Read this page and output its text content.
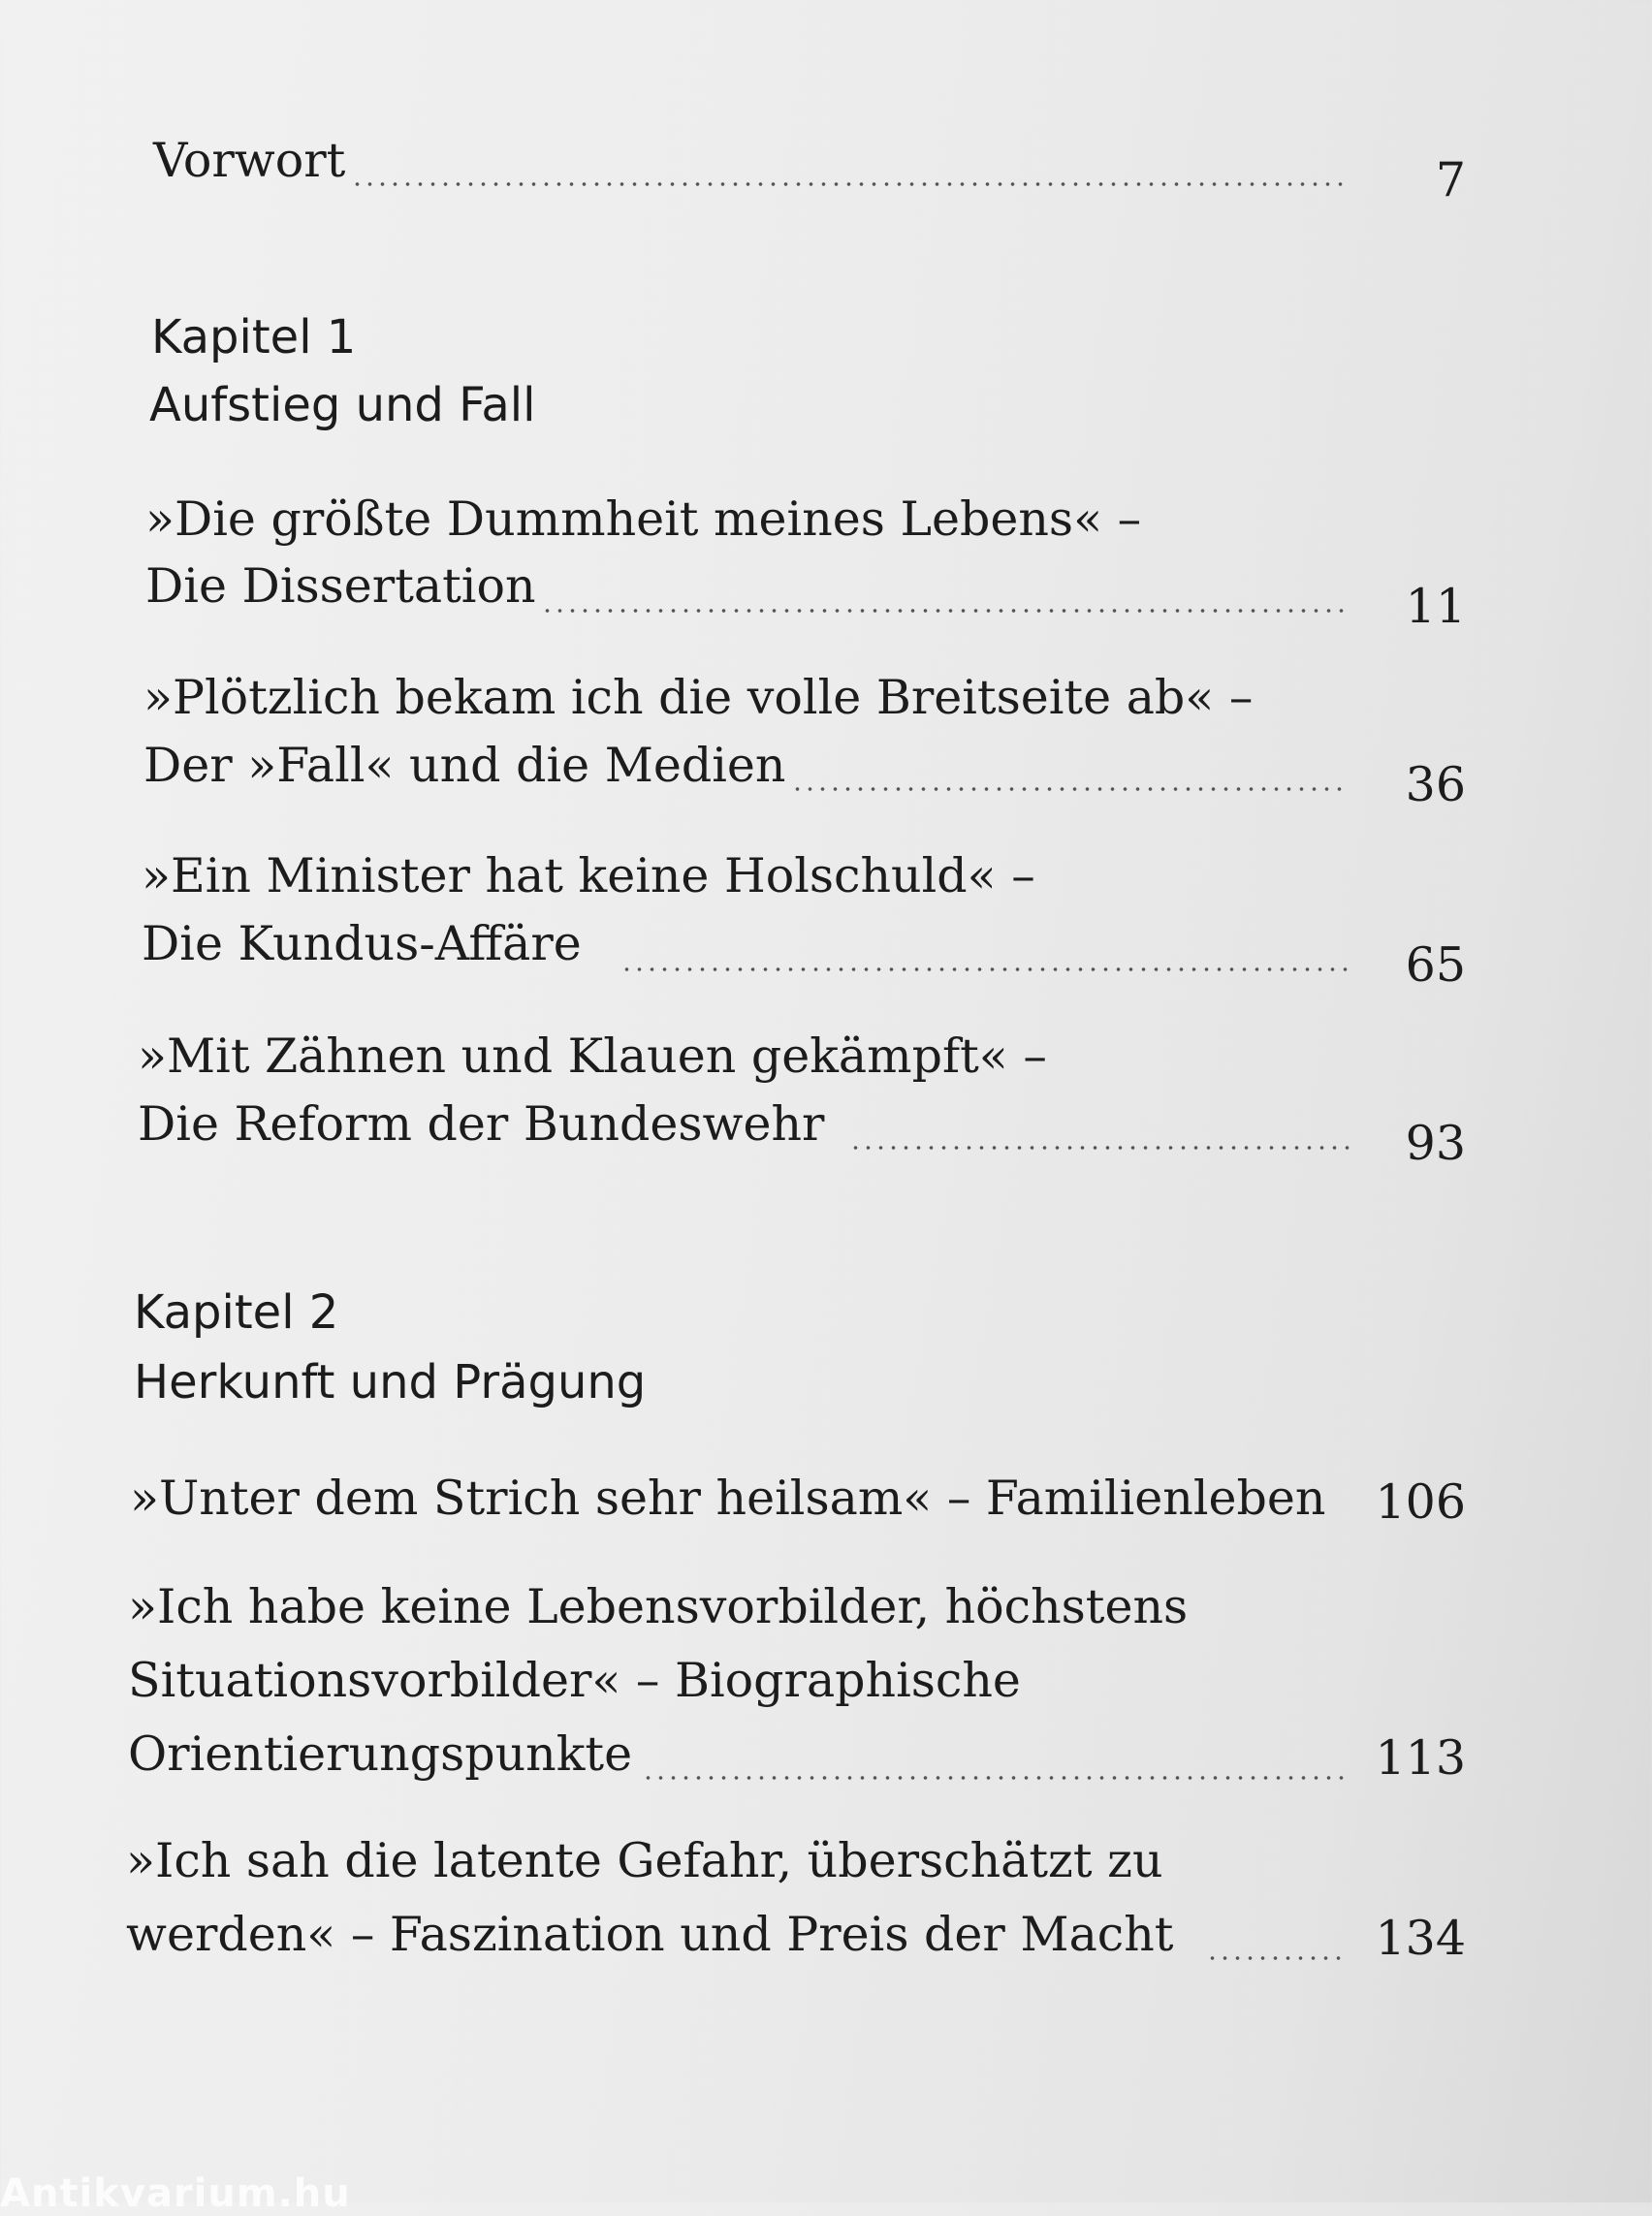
Vorwort	7
Kapitel 1
Aufstieg und Fall
»Die größte Dummheit meines Lebens« –
Die Dissertation	11
»Plötzlich bekam ich die volle Breitseite ab« –
Der »Fall« und die Medien	36
»Ein Minister hat keine Holschuld« –
Die Kundus-Affäre	65
»Mit Zähnen und Klauen gekämpft« –
Die Reform der Bundeswehr	93
Kapitel 2
Herkunft und Prägung
»Unter dem Strich sehr heilsam« – Familienleben	106
»Ich habe keine Lebensvorbilder, höchstens
Situationsvorbilder« – Biographische
Orientierungspunkte	113
»Ich sah die latente Gefahr, überschätzt zu
werden« – Faszination und Preis der Macht	134
Antikvarium.hu
